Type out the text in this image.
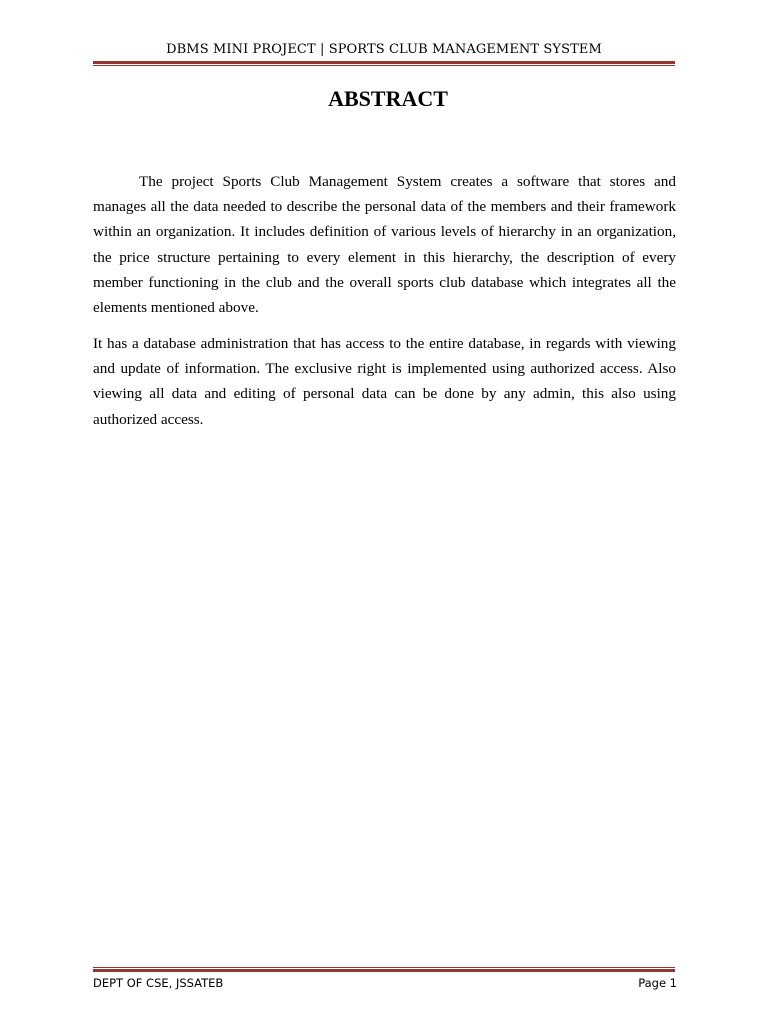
DBMS MINI PROJECT | SPORTS CLUB MANAGEMENT SYSTEM
ABSTRACT

The project Sports Club Management System creates a software that stores and manages all the data needed to describe the personal data of the members and their framework within an organization. It includes definition of various levels of hierarchy in an organization, the price structure pertaining to every element in this hierarchy, the description of every member functioning in the club and the overall sports club database which integrates all the elements mentioned above.

It has a database administration that has access to the entire database, in regards with viewing and update of information. The exclusive right is implemented using authorized access. Also viewing all data and editing of personal data can be done by any admin, this also using authorized access.

DEPT OF CSE, JSSATEB	Page 1
